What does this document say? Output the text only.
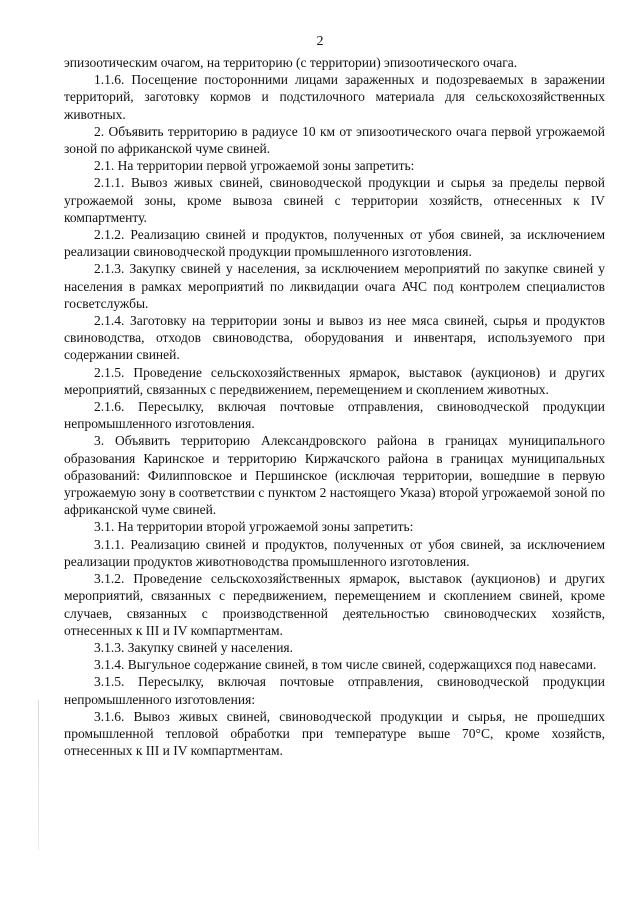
2

эпизоотическим очагом, на территорию (с территории) эпизоотического очага.

1.1.6. Посещение посторонними лицами зараженных и подозреваемых в заражении территорий, заготовку кормов и подстилочного материала для сельскохозяйственных животных.

2. Объявить территорию в радиусе 10 км от эпизоотического очага первой угрожаемой зоной по африканской чуме свиней.

2.1. На территории первой угрожаемой зоны запретить:

2.1.1. Вывоз живых свиней, свиноводческой продукции и сырья за пределы первой угрожаемой зоны, кроме вывоза свиней с территории хозяйств, отнесенных к IV компартменту.

2.1.2. Реализацию свиней и продуктов, полученных от убоя свиней, за исключением реализации свиноводческой продукции промышленного изготовления.

2.1.3. Закупку свиней у населения, за исключением мероприятий по закупке свиней у населения в рамках мероприятий по ликвидации очага АЧС под контролем специалистов госветслужбы.

2.1.4. Заготовку на территории зоны и вывоз из нее мяса свиней, сырья и продуктов свиноводства, отходов свиноводства, оборудования и инвентаря, используемого при содержании свиней.

2.1.5. Проведение сельскохозяйственных ярмарок, выставок (аукционов) и других мероприятий, связанных с передвижением, перемещением и скоплением животных.

2.1.6. Пересылку, включая почтовые отправления, свиноводческой продукции непромышленного изготовления.

3. Объявить территорию Александровского района в границах муниципального образования Каринское и территорию Киржачского района в границах муниципальных образований: Филипповское и Першинское (исключая территории, вошедшие в первую угрожаемую зону в соответствии с пунктом 2 настоящего Указа) второй угрожаемой зоной по африканской чуме свиней.

3.1. На территории второй угрожаемой зоны запретить:

3.1.1. Реализацию свиней и продуктов, полученных от убоя свиней, за исключением реализации продуктов животноводства промышленного изготовления.

3.1.2. Проведение сельскохозяйственных ярмарок, выставок (аукционов) и других мероприятий, связанных с передвижением, перемещением и скоплением свиней, кроме случаев, связанных с производственной деятельностью свиноводческих хозяйств, отнесенных к III и IV компартментам.

3.1.3. Закупку свиней у населения.

3.1.4. Выгульное содержание свиней, в том числе свиней, содержащихся под навесами.

3.1.5. Пересылку, включая почтовые отправления, свиноводческой продукции непромышленного изготовления:

3.1.6. Вывоз живых свиней, свиноводческой продукции и сырья, не прошедших промышленной тепловой обработки при температуре выше 70°С, кроме хозяйств, отнесенных к III и IV компартментам.
